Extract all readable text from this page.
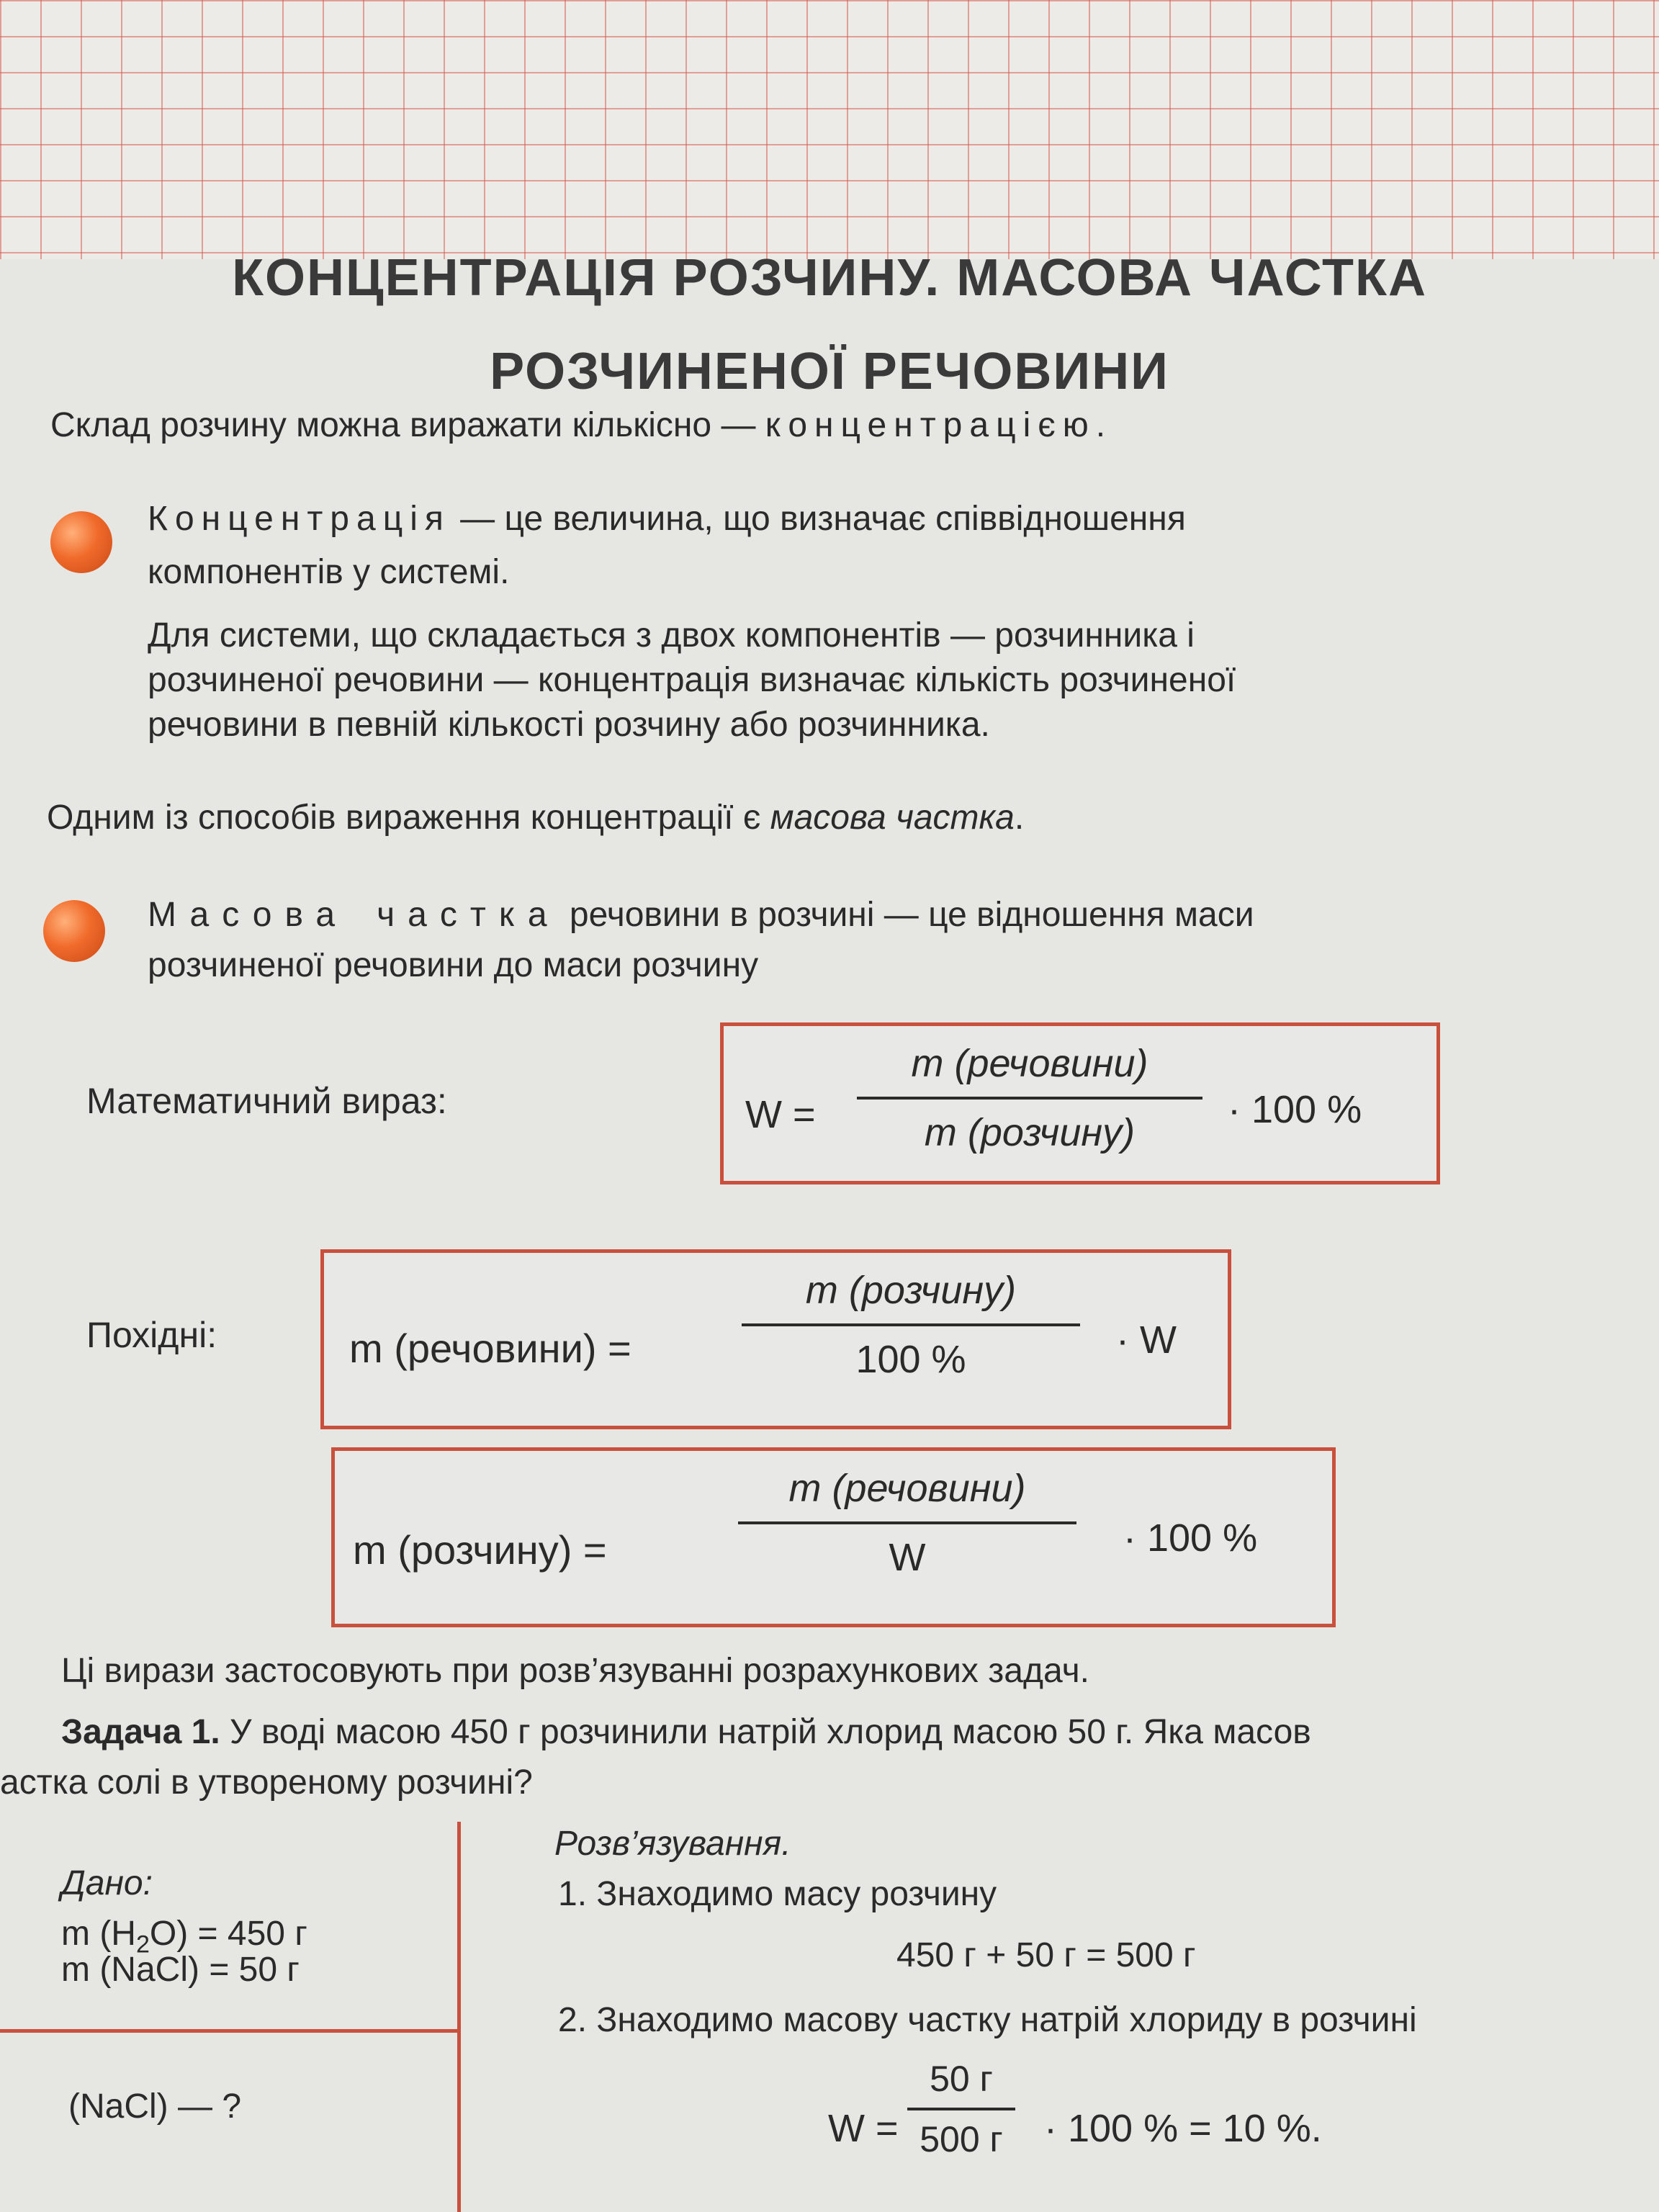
КОНЦЕНТРАЦІЯ РОЗЧИНУ. МАСОВА ЧАСТКА
РОЗЧИНЕНОЇ РЕЧОВИНИ

Склад розчину можна виражати кількісно — концентрацією.

Концентрація — це величина, що визначає співвідношення

компонентів у системі.

Для системи, що складається з двох компонентів — розчинника і

розчиненої речовини — концентрація визначає кількість розчиненої

речовини в певній кількості розчину або розчинника.

Одним із способів вираження концентрації є масова частка.

Масова частка речовини в розчині — це відношення маси

розчиненої речовини до маси розчину

Математичний вираз:	W =
m (речовини)
m (розчину)
· 100 %
Похідні:	m (речовини) =
m (розчину)
100 %	· W
m (розчину) =
m (речовини)
W	· 100 %

Ці вирази застосовують при розв’язуванні розрахункових задач.

Задача 1. У воді масою 450 г розчинили натрій хлорид масою 50 г. Яка масов

астка солі в утвореному розчині?

Дано:

m $(H_2O) = 450$ г

m (NaCl) = 50 г

(NaCl) — ?

Розв’язування.

1. Знаходимо масу розчину

450 г + 50 г = 500 г

2. Знаходимо масову частку натрій хлориду в розчині

W =
50 г
500 г · 100 % = 10 %.
